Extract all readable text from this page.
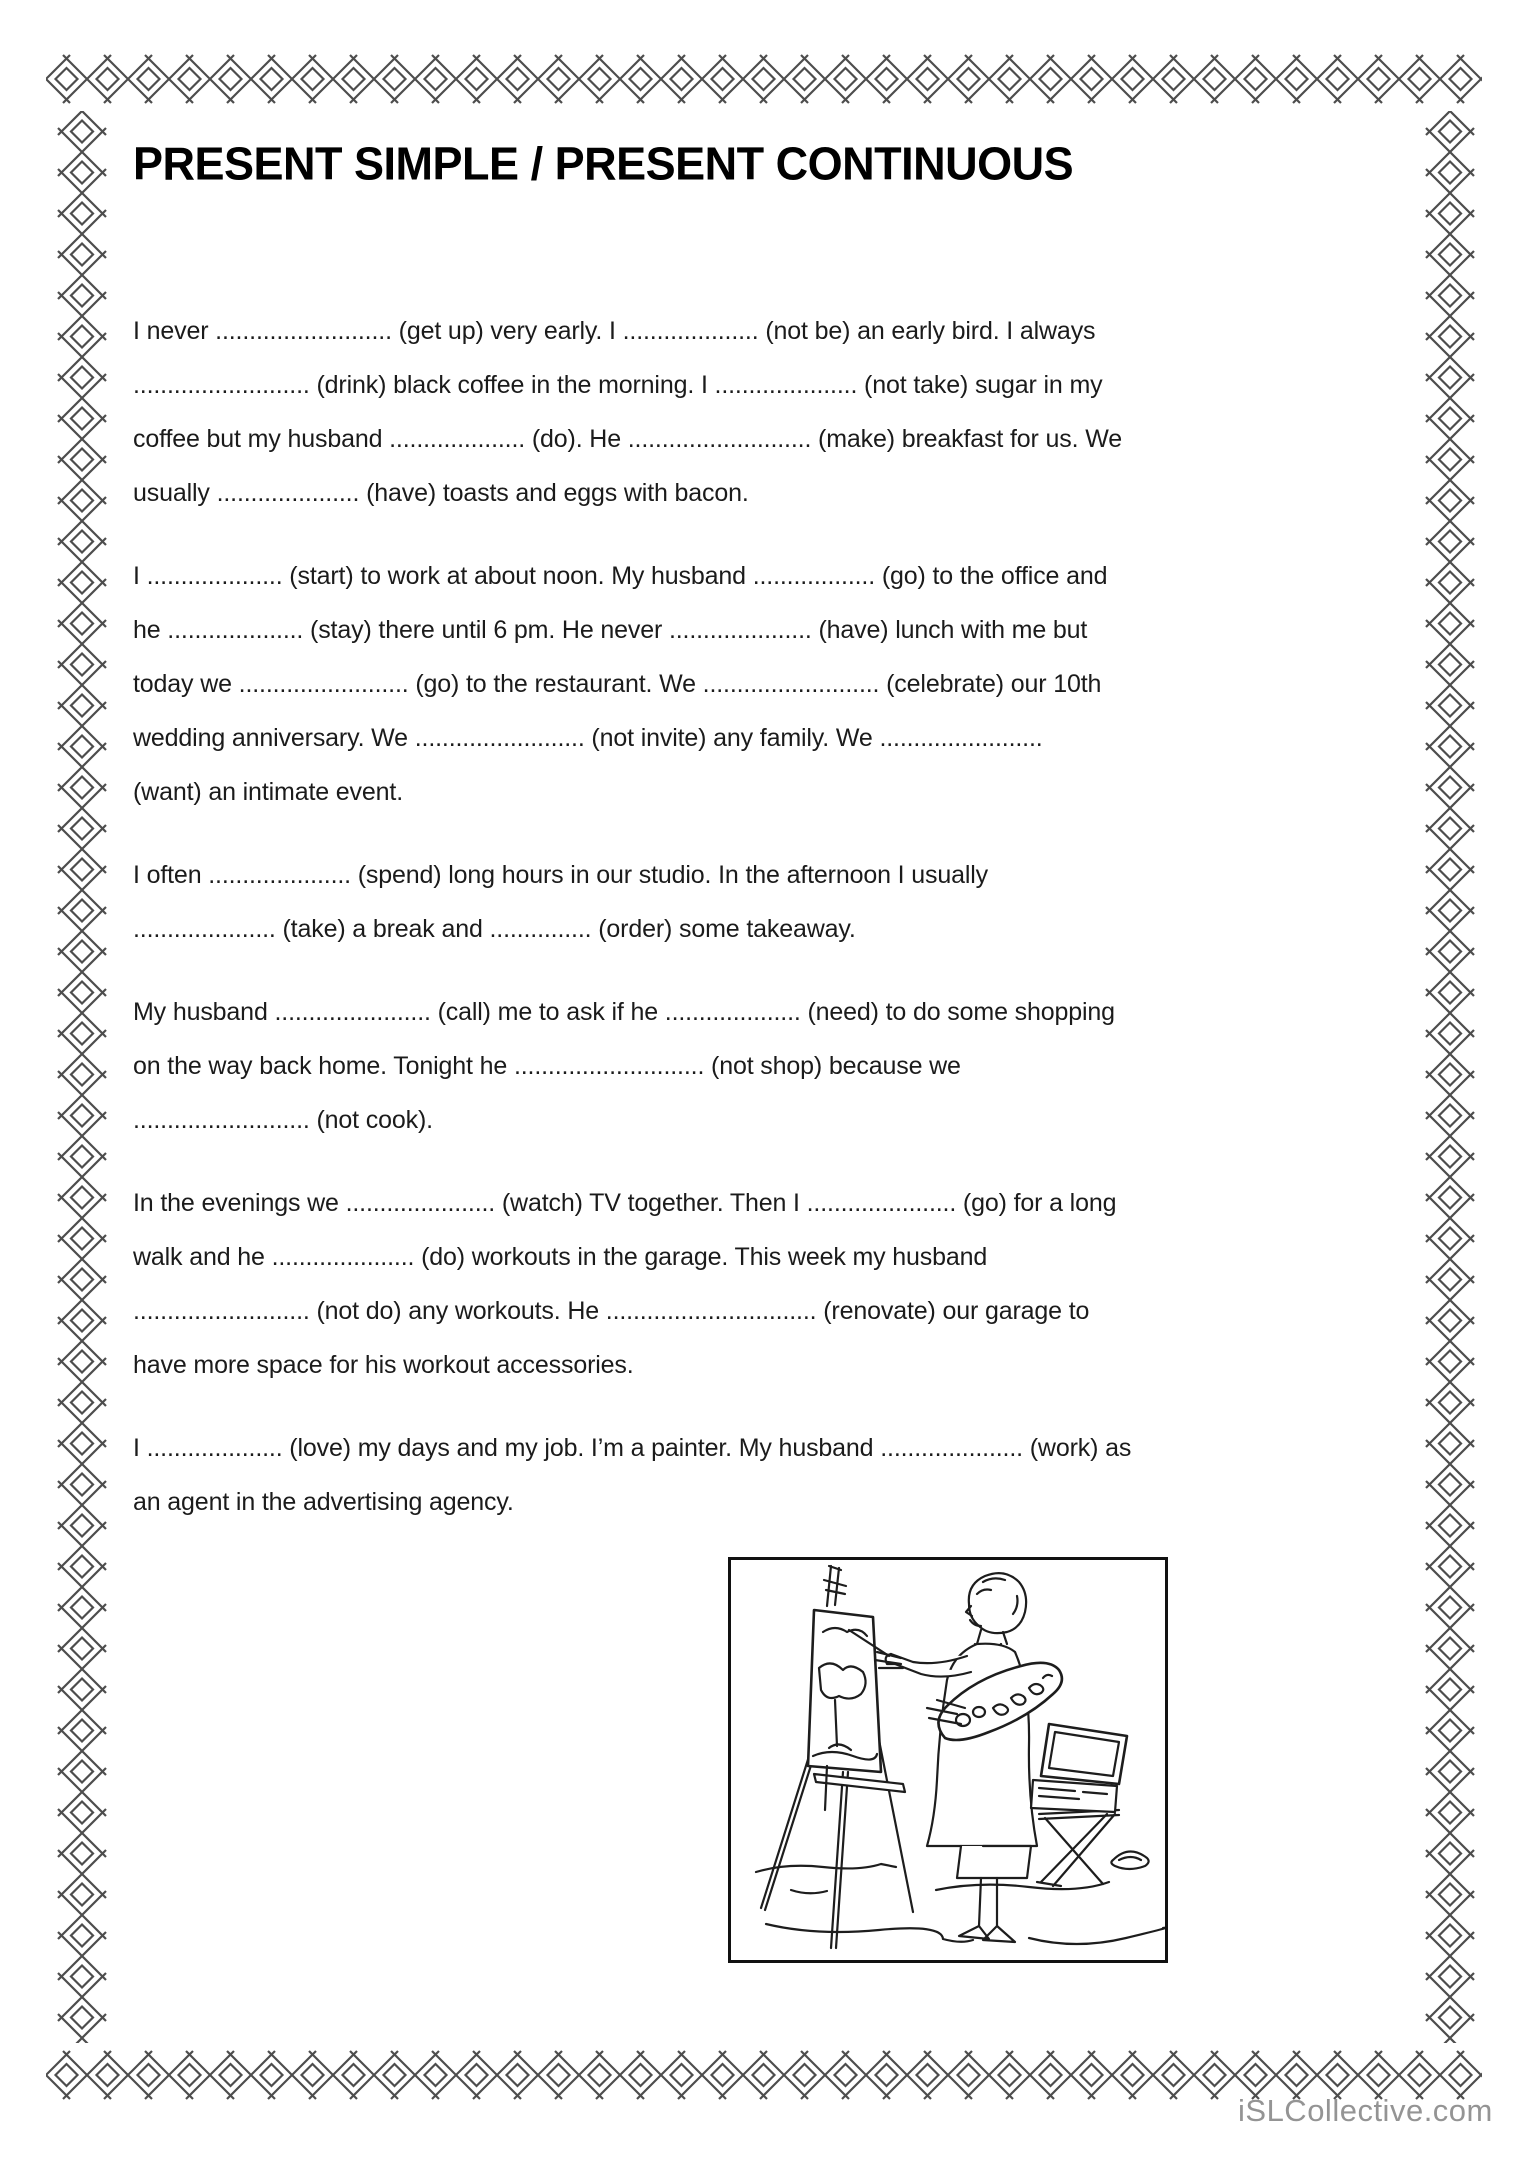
PRESENT SIMPLE / PRESENT CONTINUOUS
I never .......................... (get up) very early. I .................... (not be) an early bird. I always
.......................... (drink) black coffee in the morning. I ..................... (not take) sugar in my
coffee but my husband .................... (do). He ........................... (make) breakfast for us. We
usually ..................... (have) toasts and eggs with bacon.
I .................... (start) to work at about noon. My husband .................. (go) to the office and
he .................... (stay) there until 6 pm. He never ..................... (have) lunch with me but
today we ......................... (go) to the restaurant. We .......................... (celebrate) our 10th
wedding anniversary. We ......................... (not invite) any family. We ........................
(want) an intimate event.
I often ..................... (spend) long hours in our studio. In the afternoon I usually
..................... (take) a break and ............... (order) some takeaway.
My husband ....................... (call) me to ask if he .................... (need) to do some shopping
on the way back home. Tonight he ............................ (not shop) because we
.......................... (not cook).
In the evenings we ...................... (watch) TV together. Then I ...................... (go) for a long
walk and he ..................... (do) workouts in the garage. This week my husband
.......................... (not do) any workouts. He ............................... (renovate) our garage to
have more space for his workout accessories.
I .................... (love) my days and my job. I’m a painter. My husband ..................... (work) as
an agent in the advertising agency.
iSLCollective.com
